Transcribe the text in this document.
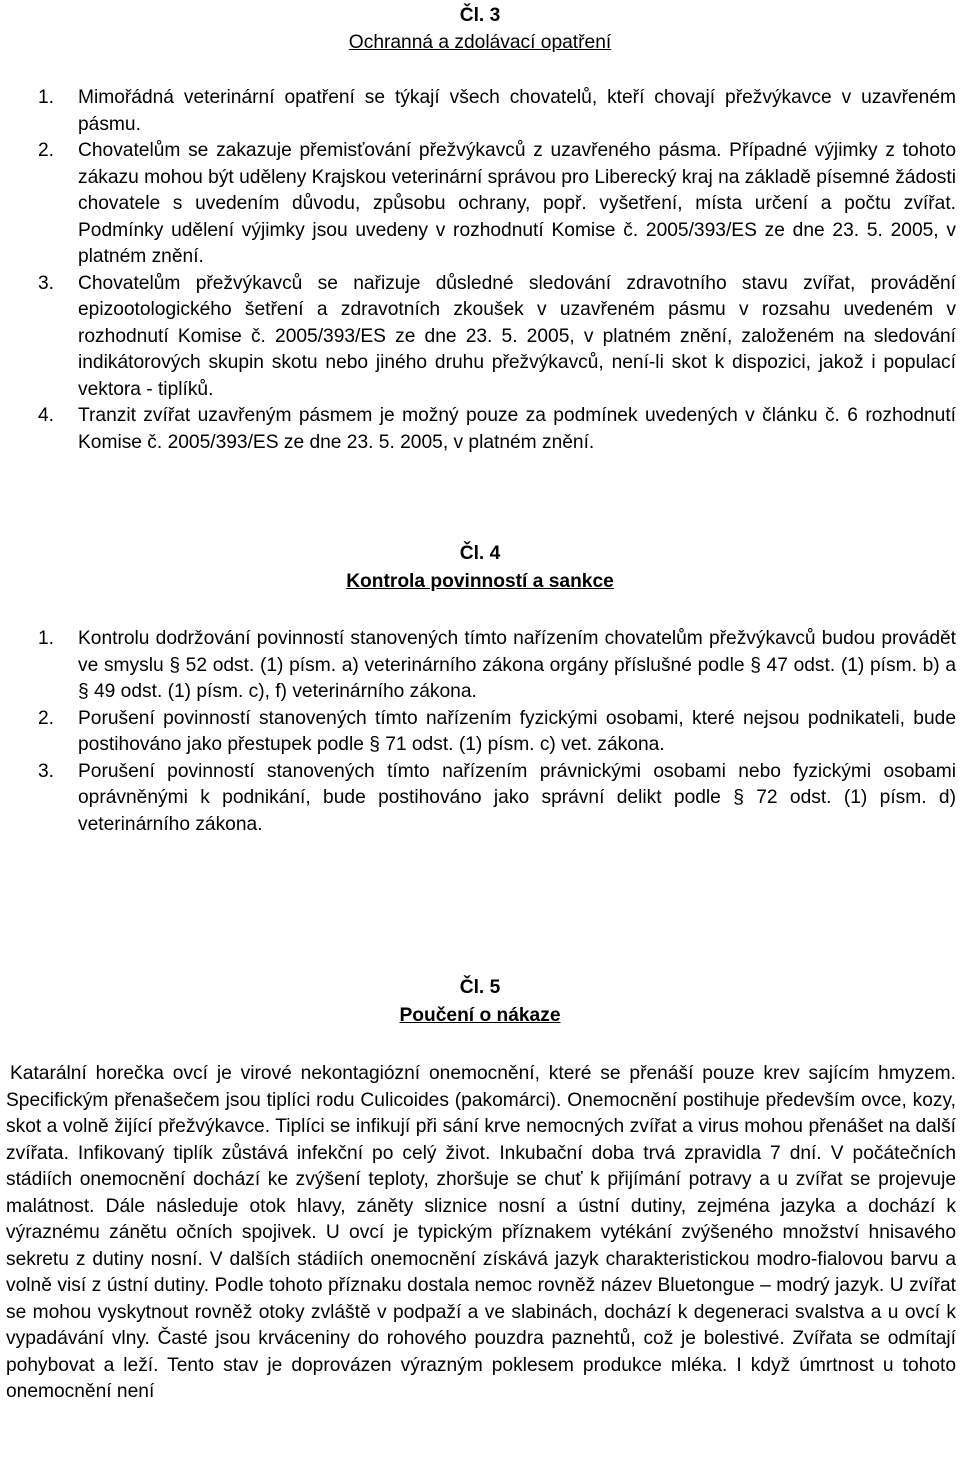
Čl. 3
Ochranná a zdolávací opatření
1. Mimořádná veterinární opatření se týkají všech chovatelů, kteří chovají přežvýkavce v uzavřeném pásmu.
2. Chovatelům se zakazuje přemisťování přežvýkavců z uzavřeného pásma. Případné výjimky z tohoto zákazu mohou být uděleny Krajskou veterinární správou pro Liberecký kraj na základě písemné žádosti chovatele s uvedením důvodu, způsobu ochrany, popř. vyšetření, místa určení a počtu zvířat. Podmínky udělení výjimky jsou uvedeny v rozhodnutí Komise č. 2005/393/ES ze dne 23. 5. 2005, v platném znění.
3. Chovatelům přežvýkavců se nařizuje důsledné sledování zdravotního stavu zvířat, provádění epizootologického šetření a zdravotních zkoušek v uzavřeném pásmu v rozsahu uvedeném v rozhodnutí Komise č. 2005/393/ES ze dne 23. 5. 2005, v platném znění, založeném na sledování indikátorových skupin skotu nebo jiného druhu přežvýkavců, není-li skot k dispozici, jakož i populací vektora - tiplíků.
4. Tranzit zvířat uzavřeným pásmem je možný pouze za podmínek uvedených v článku č. 6 rozhodnutí Komise č. 2005/393/ES ze dne 23. 5. 2005, v platném znění.
Čl. 4
Kontrola povinností a sankce
1. Kontrolu dodržování povinností stanovených tímto nařízením chovatelům přežvýkavců budou provádět ve smyslu § 52 odst. (1) písm. a) veterinárního zákona orgány příslušné podle § 47 odst. (1) písm. b) a § 49 odst. (1) písm. c), f) veterinárního zákona.
2. Porušení povinností stanovených tímto nařízením fyzickými osobami, které nejsou podnikateli, bude postihováno jako přestupek podle § 71 odst. (1) písm. c) vet. zákona.
3. Porušení povinností stanovených tímto nařízením právnickými osobami nebo fyzickými osobami oprávněnými k podnikání, bude postihováno jako správní delikt podle § 72 odst. (1) písm. d) veterinárního zákona.
Čl. 5
Poučení o nákaze

Katarální horečka ovcí je virové nekontagiózní onemocnění, které se přenáší pouze krev sajícím hmyzem. Specifickým přenašečem jsou tiplíci rodu Culicoides (pakomárci). Onemocnění postihuje především ovce, kozy, skot a volně žijící přežvýkavce. Tiplíci se infikují při sání krve nemocných zvířat a virus mohou přenášet na další zvířata. Infikovaný tiplík zůstává infekční po celý život. Inkubační doba trvá zpravidla 7 dní. V počátečních stádiích onemocnění dochází ke zvýšení teploty, zhoršuje se chuť k přijímání potravy a u zvířat se projevuje malátnost. Dále následuje otok hlavy, záněty sliznice nosní a ústní dutiny, zejména jazyka a dochází k výraznému zánětu očních spojivek. U ovcí je typickým příznakem vytékání zvýšeného množství hnisavého sekretu z dutiny nosní. V dalších stádiích onemocnění získává jazyk charakteristickou modro-fialovou barvu a volně visí z ústní dutiny. Podle tohoto příznaku dostala nemoc rovněž název Bluetongue – modrý jazyk. U zvířat se mohou vyskytnout rovněž otoky zvláště v podpaží a ve slabinách, dochází k degeneraci svalstva a u ovcí k vypadávání vlny. Časté jsou krváceniny do rohového pouzdra paznehtů, což je bolestivé. Zvířata se odmítají pohybovat a leží. Tento stav je doprovázen výrazným poklesem produkce mléka. I když úmrtnost u tohoto onemocnění není
